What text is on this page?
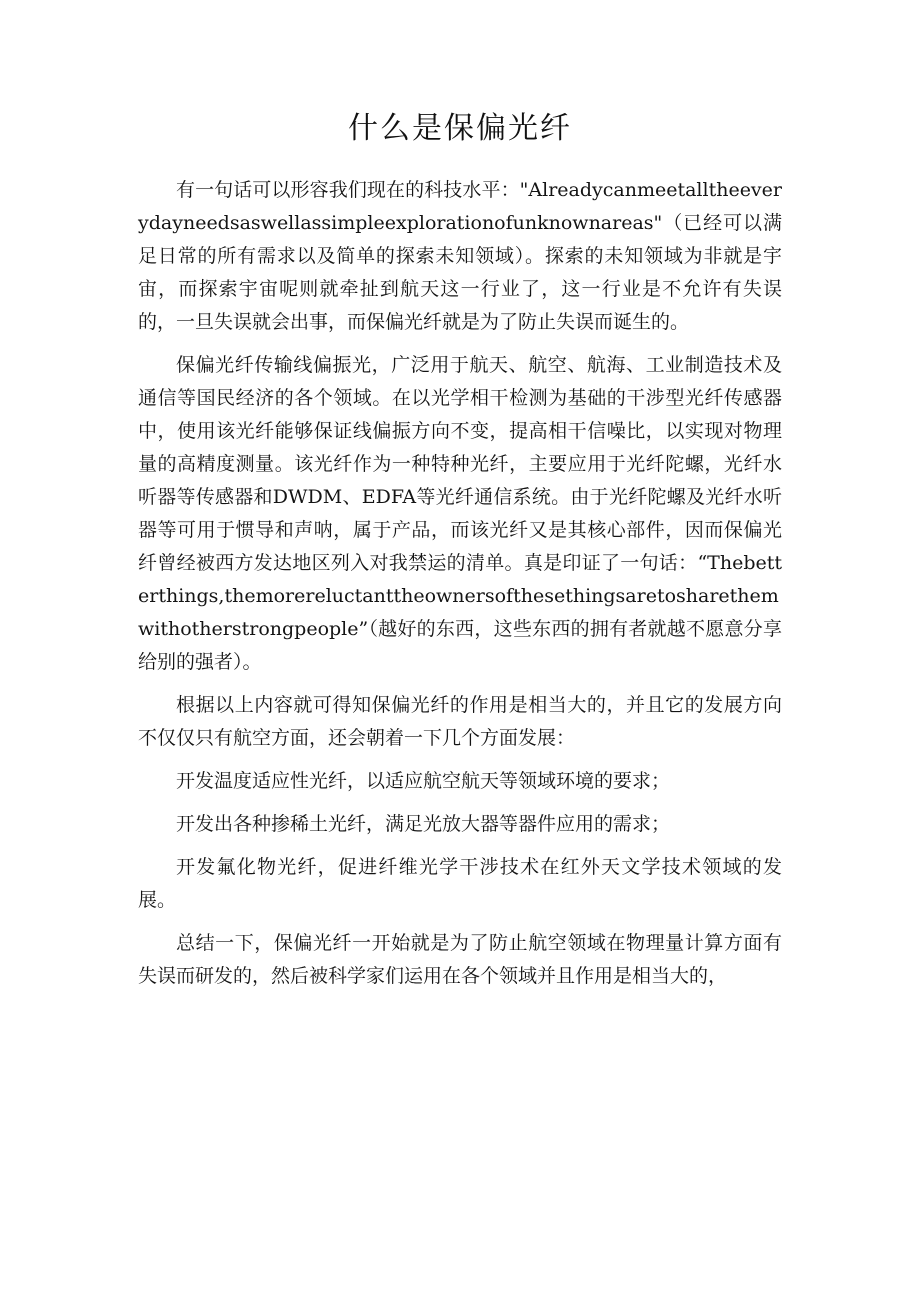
什么是保偏光纤

有一句话可以形容我们现在的科技水平："Alreadycanmeetalltheeverydayneedsaswellassimpleexplorationofunknownareas"（已经可以满足日常的所有需求以及简单的探索未知领域）。探索的未知领域为非就是宇宙，而探索宇宙呢则就牵扯到航天这一行业了，这一行业是不允许有失误的，一旦失误就会出事，而保偏光纤就是为了防止失误而诞生的。

保偏光纤传输线偏振光，广泛用于航天、航空、航海、工业制造技术及通信等国民经济的各个领域。在以光学相干检测为基础的干涉型光纤传感器中，使用该光纤能够保证线偏振方向不变，提高相干信噪比，以实现对物理量的高精度测量。该光纤作为一种特种光纤，主要应用于光纤陀螺，光纤水听器等传感器和DWDM、EDFA等光纤通信系统。由于光纤陀螺及光纤水听器等可用于惯导和声呐，属于产品，而该光纤又是其核心部件，因而保偏光纤曾经被西方发达地区列入对我禁运的清单。真是印证了一句话：“Thebetterthings,themorereluctanttheownersofthesethingsaretosharethemwithotherstrongpeople”（越好的东西，这些东西的拥有者就越不愿意分享给别的强者）。

根据以上内容就可得知保偏光纤的作用是相当大的，并且它的发展方向不仅仅只有航空方面，还会朝着一下几个方面发展：

开发温度适应性光纤，以适应航空航天等领域环境的要求；

开发出各种掺稀土光纤，满足光放大器等器件应用的需求；

开发氟化物光纤，促进纤维光学干涉技术在红外天文学技术领域的发展。

总结一下，保偏光纤一开始就是为了防止航空领域在物理量计算方面有失误而研发的，然后被科学家们运用在各个领域并且作用是相当大的，
